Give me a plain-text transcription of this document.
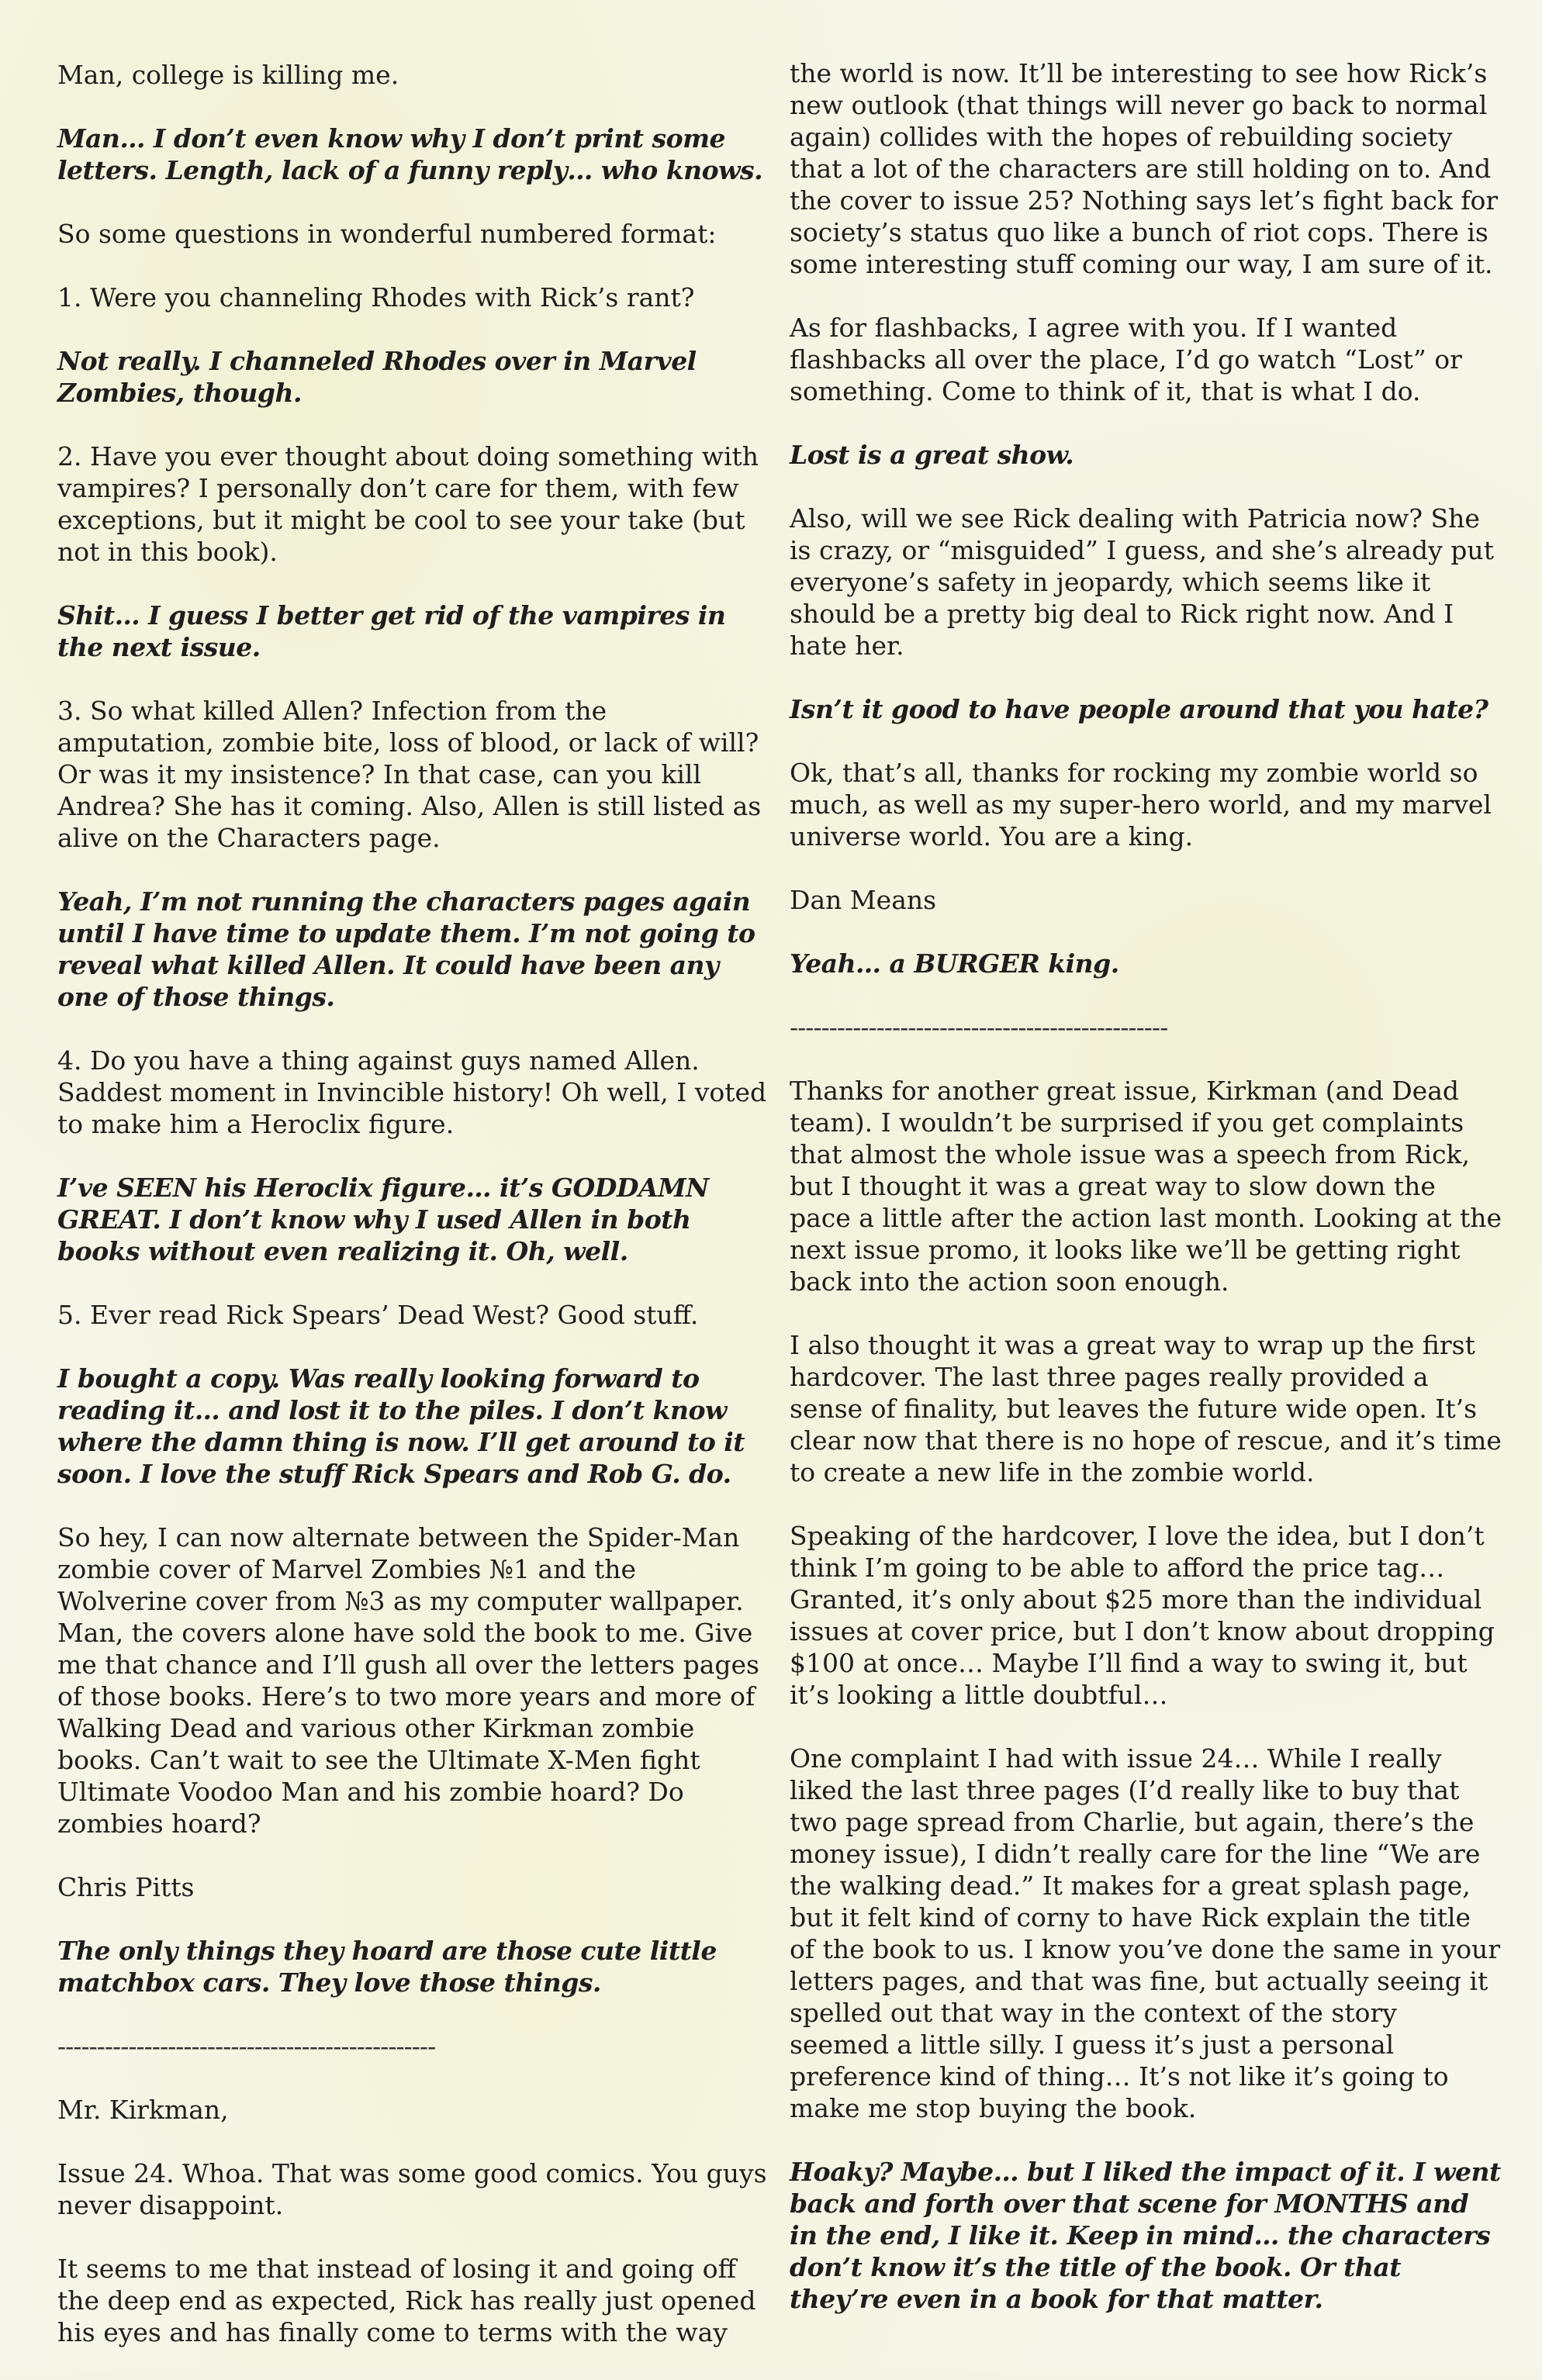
Man, college is killing me.

Man… I don’t even know why I don’t print some letters. Length, lack of a funny reply… who knows.

So some questions in wonderful numbered format:

1. Were you channeling Rhodes with Rick’s rant?

Not really. I channeled Rhodes over in Marvel Zombies, though.

2. Have you ever thought about doing something with vampires? I personally don’t care for them, with few exceptions, but it might be cool to see your take (but not in this book).

Shit… I guess I better get rid of the vampires in the next issue.

3. So what killed Allen? Infection from the amputation, zombie bite, loss of blood, or lack of will? Or was it my insistence? In that case, can you kill Andrea? She has it coming. Also, Allen is still listed as alive on the Characters page.

Yeah, I’m not running the characters pages again until I have time to update them. I’m not going to reveal what killed Allen. It could have been any one of those things.

4. Do you have a thing against guys named Allen. Saddest moment in Invincible history! Oh well, I voted to make him a Heroclix figure.

I’ve SEEN his Heroclix figure… it’s GODDAMN GREAT. I don’t know why I used Allen in both books without even realizing it. Oh, well.

5. Ever read Rick Spears’ Dead West? Good stuff.

I bought a copy. Was really looking forward to reading it… and lost it to the piles. I don’t know where the damn thing is now. I’ll get around to it soon. I love the stuff Rick Spears and Rob G. do.

So hey, I can now alternate between the Spider-Man zombie cover of Marvel Zombies №1 and the Wolverine cover from №3 as my computer wallpaper. Man, the covers alone have sold the book to me. Give me that chance and I’ll gush all over the letters pages of those books. Here’s to two more years and more of Walking Dead and various other Kirkman zombie books. Can’t wait to see the Ultimate X-Men fight Ultimate Voodoo Man and his zombie hoard? Do zombies hoard?

Chris Pitts

The only things they hoard are those cute little matchbox cars. They love those things.

------------------------------------------------

Mr. Kirkman,

Issue 24. Whoa. That was some good comics. You guys never disappoint.

It seems to me that instead of losing it and going off the deep end as expected, Rick has really just opened his eyes and has finally come to terms with the way

the world is now. It’ll be interesting to see how Rick’s new outlook (that things will never go back to normal again) collides with the hopes of rebuilding society that a lot of the characters are still holding on to. And the cover to issue 25? Nothing says let’s fight back for society’s status quo like a bunch of riot cops. There is some interesting stuff coming our way, I am sure of it.

As for flashbacks, I agree with you. If I wanted flashbacks all over the place, I’d go watch “Lost” or something. Come to think of it, that is what I do.

Lost is a great show.

Also, will we see Rick dealing with Patricia now? She is crazy, or “misguided” I guess, and she’s already put everyone’s safety in jeopardy, which seems like it should be a pretty big deal to Rick right now. And I hate her.

Isn’t it good to have people around that you hate?

Ok, that’s all, thanks for rocking my zombie world so much, as well as my super-hero world, and my marvel universe world. You are a king.

Dan Means

Yeah… a BURGER king.

------------------------------------------------

Thanks for another great issue, Kirkman (and Dead team). I wouldn’t be surprised if you get complaints that almost the whole issue was a speech from Rick, but I thought it was a great way to slow down the pace a little after the action last month. Looking at the next issue promo, it looks like we’ll be getting right back into the action soon enough.

I also thought it was a great way to wrap up the first hardcover. The last three pages really provided a sense of finality, but leaves the future wide open. It’s clear now that there is no hope of rescue, and it’s time to create a new life in the zombie world.

Speaking of the hardcover, I love the idea, but I don’t think I’m going to be able to afford the price tag… Granted, it’s only about $25 more than the individual issues at cover price, but I don’t know about dropping $100 at once… Maybe I’ll find a way to swing it, but it’s looking a little doubtful…

One complaint I had with issue 24… While I really liked the last three pages (I’d really like to buy that two page spread from Charlie, but again, there’s the money issue), I didn’t really care for the line “We are the walking dead.” It makes for a great splash page, but it felt kind of corny to have Rick explain the title of the book to us. I know you’ve done the same in your letters pages, and that was fine, but actually seeing it spelled out that way in the context of the story seemed a little silly. I guess it’s just a personal preference kind of thing… It’s not like it’s going to make me stop buying the book.

Hoaky? Maybe… but I liked the impact of it. I went back and forth over that scene for MONTHS and in the end, I like it. Keep in mind… the characters don’t know it’s the title of the book. Or that they’re even in a book for that matter.
